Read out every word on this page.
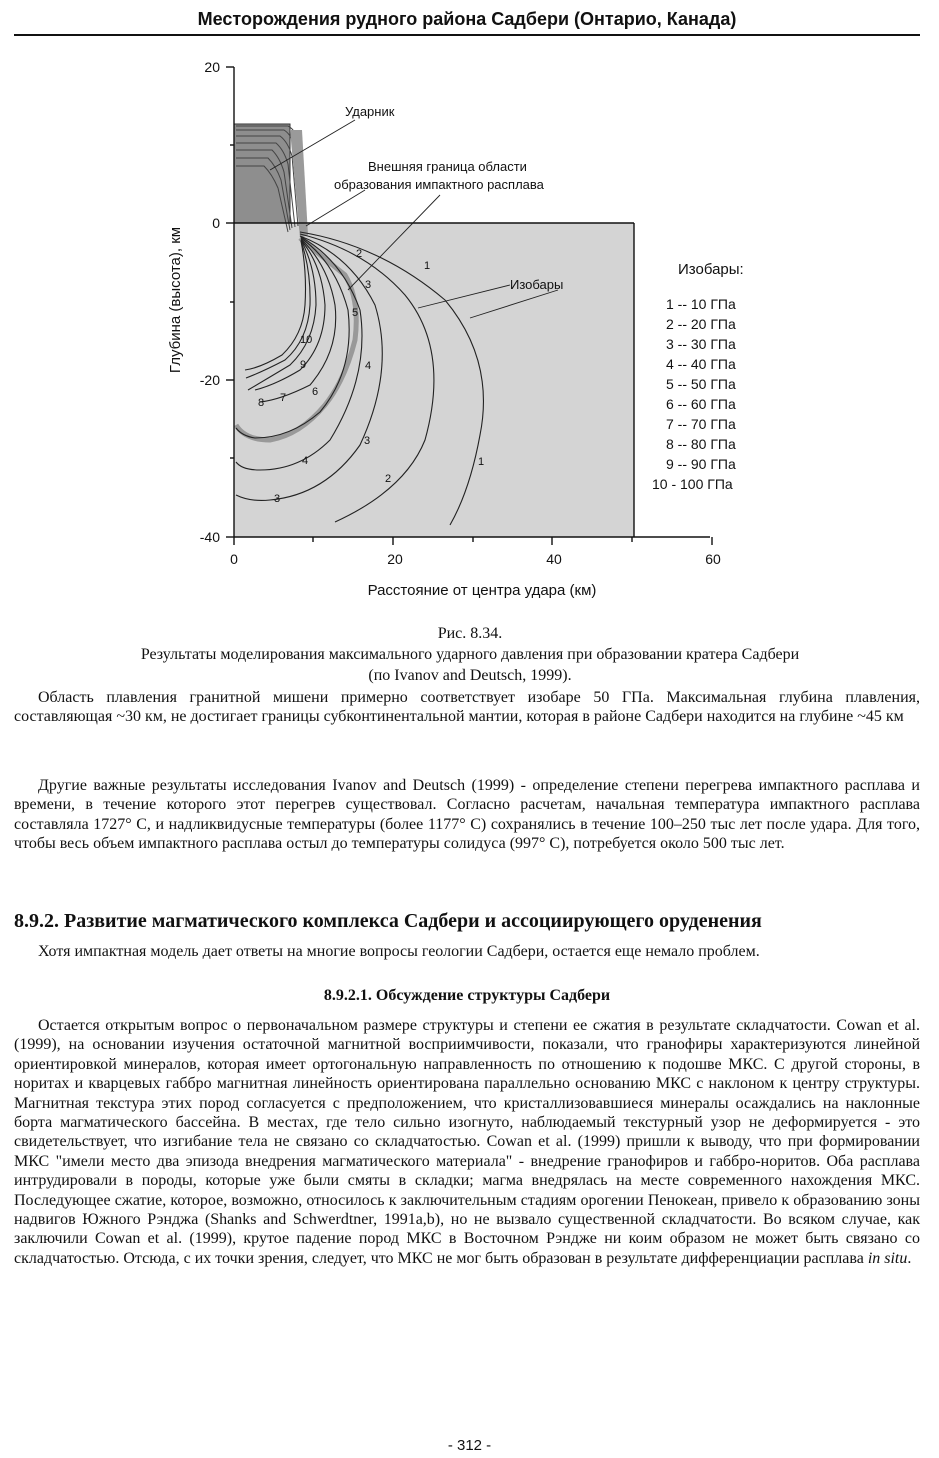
Месторождения рудного района Садбери (Онтарио, Канада)
1
1
2
2
3
3
3
4
4
5
6
7
8
9
10
Ударник
Внешняя граница области
образования импактного расплава
Изобары
20
0
-20
-40
0	20	40	60
Расстояние от центра удара (км)
Глубина (высота), км	Изобары:
1 -- 10 ГПа
2 -- 20 ГПа
3 -- 30 ГПа
4 -- 40 ГПа
5 -- 50 ГПа
6 -- 60 ГПа
7 -- 70 ГПа
8 -- 80 ГПа
9 -- 90 ГПа
10 - 100 ГПа
Рис. 8.34.
Результаты моделирования максимального ударного давления при образовании кратера Садбери
(по Ivanov and Deutsch, 1999).

Область плавления гранитной мишени примерно соответствует изобаре 50 ГПа. Максимальная глубина плавления, составляющая ~30 км, не достигает границы субконтинентальной мантии, которая в районе Садбери находится на глубине ~45 км

Другие важные результаты исследования Ivanov and Deutsch (1999) - определение степени перегрева импактного расплава и времени, в течение которого этот перегрев существовал. Согласно расчетам, начальная температура импактного расплава составляла 1727° С, и надликвидусные температуры (более 1177° С) сохранялись в течение 100–250 тыс лет после удара. Для того, чтобы весь объем импактного расплава остыл до температуры солидуса (997° С), потребуется около 500 тыс лет.

8.9.2. Развитие магматического комплекса Садбери и ассоциирующего оруденения

Хотя импактная модель дает ответы на многие вопросы геологии Садбери, остается еще немало проблем.

8.9.2.1. Обсуждение структуры Садбери

Остается открытым вопрос о первоначальном размере структуры и степени ее сжатия в результате складчатости. Cowan et al. (1999), на основании изучения остаточной магнитной восприимчивости, показали, что гранофиры характеризуются линейной ориентировкой минералов, которая имеет ортогональную направленность по отношению к подошве МКС. С другой стороны, в норитах и кварцевых габбро магнитная линейность ориентирована параллельно основанию МКС с наклоном к центру структуры. Магнитная текстура этих пород согласуется с предположением, что кристаллизовавшиеся минералы осаждались на наклонные борта магматического бассейна. В местах, где тело сильно изогнуто, наблюдаемый текстурный узор не деформируется - это свидетельствует, что изгибание тела не связано со складчатостью. Cowan et al. (1999) пришли к выводу, что при формировании МКС "имели место два эпизода внедрения магматического материала" - внедрение гранофиров и габбро-норитов. Оба расплава интрудировали в породы, которые уже были смяты в складки; магма внедрялась на месте современного нахождения МКС. Последующее сжатие, которое, возможно, относилось к заключительным стадиям орогении Пенокеан, привело к образованию зоны надвигов Южного Рэнджа (Shanks and Schwerdtner, 1991a,b), но не вызвало существенной складчатости. Во всяком случае, как заключили Cowan et al. (1999), крутое падение пород МКС в Восточном Рэндже ни коим образом не может быть связано со складчатостью. Отсюда, с их точки зрения, следует, что МКС не мог быть образован в результате дифференциации расплава in situ.

- 312 -
